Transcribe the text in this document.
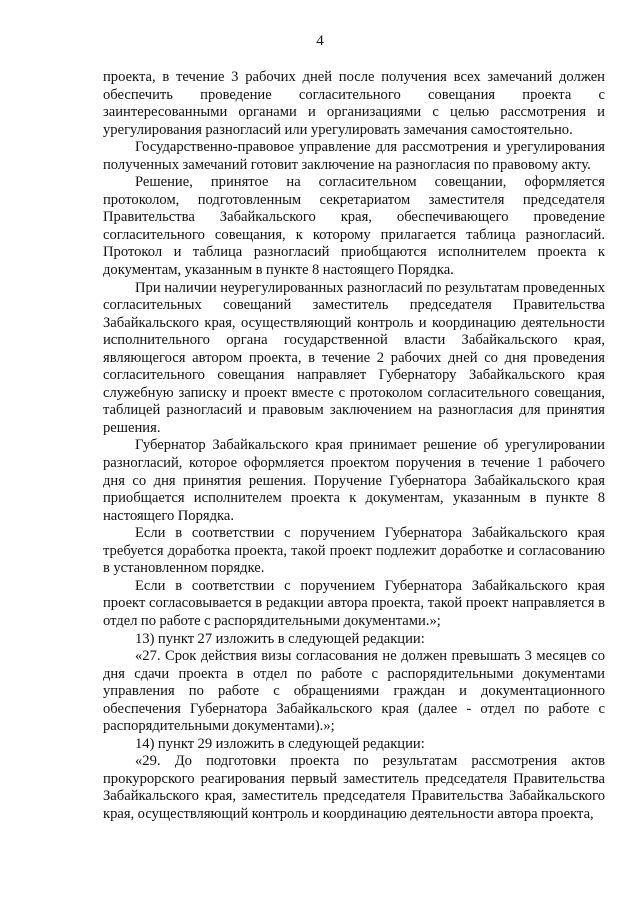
4

проекта, в течение 3 рабочих дней после получения всех замечаний должен обеспечить проведение согласительного совещания проекта с заинтересованными органами и организациями с целью рассмотрения и урегулирования разногласий или урегулировать замечания самостоятельно.

Государственно-правовое управление для рассмотрения и урегулирования полученных замечаний готовит заключение на разногласия по правовому акту.

Решение, принятое на согласительном совещании, оформляется протоколом, подготовленным секретариатом заместителя председателя Правительства Забайкальского края, обеспечивающего проведение согласительного совещания, к которому прилагается таблица разногласий. Протокол и таблица разногласий приобщаются исполнителем проекта к документам, указанным в пункте 8 настоящего Порядка.

При наличии неурегулированных разногласий по результатам проведенных согласительных совещаний заместитель председателя Правительства Забайкальского края, осуществляющий контроль и координацию деятельности исполнительного органа государственной власти Забайкальского края, являющегося автором проекта, в течение 2 рабочих дней со дня проведения согласительного совещания направляет Губернатору Забайкальского края служебную записку и проект вместе с протоколом согласительного совещания, таблицей разногласий и правовым заключением на разногласия для принятия решения.

Губернатор Забайкальского края принимает решение об урегулировании разногласий, которое оформляется проектом поручения в течение 1 рабочего дня со дня принятия решения. Поручение Губернатора Забайкальского края приобщается исполнителем проекта к документам, указанным в пункте 8 настоящего Порядка.

Если в соответствии с поручением Губернатора Забайкальского края требуется доработка проекта, такой проект подлежит доработке и согласованию в установленном порядке.

Если в соответствии с поручением Губернатора Забайкальского края проект согласовывается в редакции автора проекта, такой проект направляется в отдел по работе с распорядительными документами.»;

13) пункт 27 изложить в следующей редакции:

«27. Срок действия визы согласования не должен превышать 3 месяцев со дня сдачи проекта в отдел по работе с распорядительными документами управления по работе с обращениями граждан и документационного обеспечения Губернатора Забайкальского края (далее - отдел по работе с распорядительными документами).»;

14) пункт 29 изложить в следующей редакции:

«29. До подготовки проекта по результатам рассмотрения актов прокурорского реагирования первый заместитель председателя Правительства Забайкальского края, заместитель председателя Правительства Забайкальского края, осуществляющий контроль и координацию деятельности автора проекта,
